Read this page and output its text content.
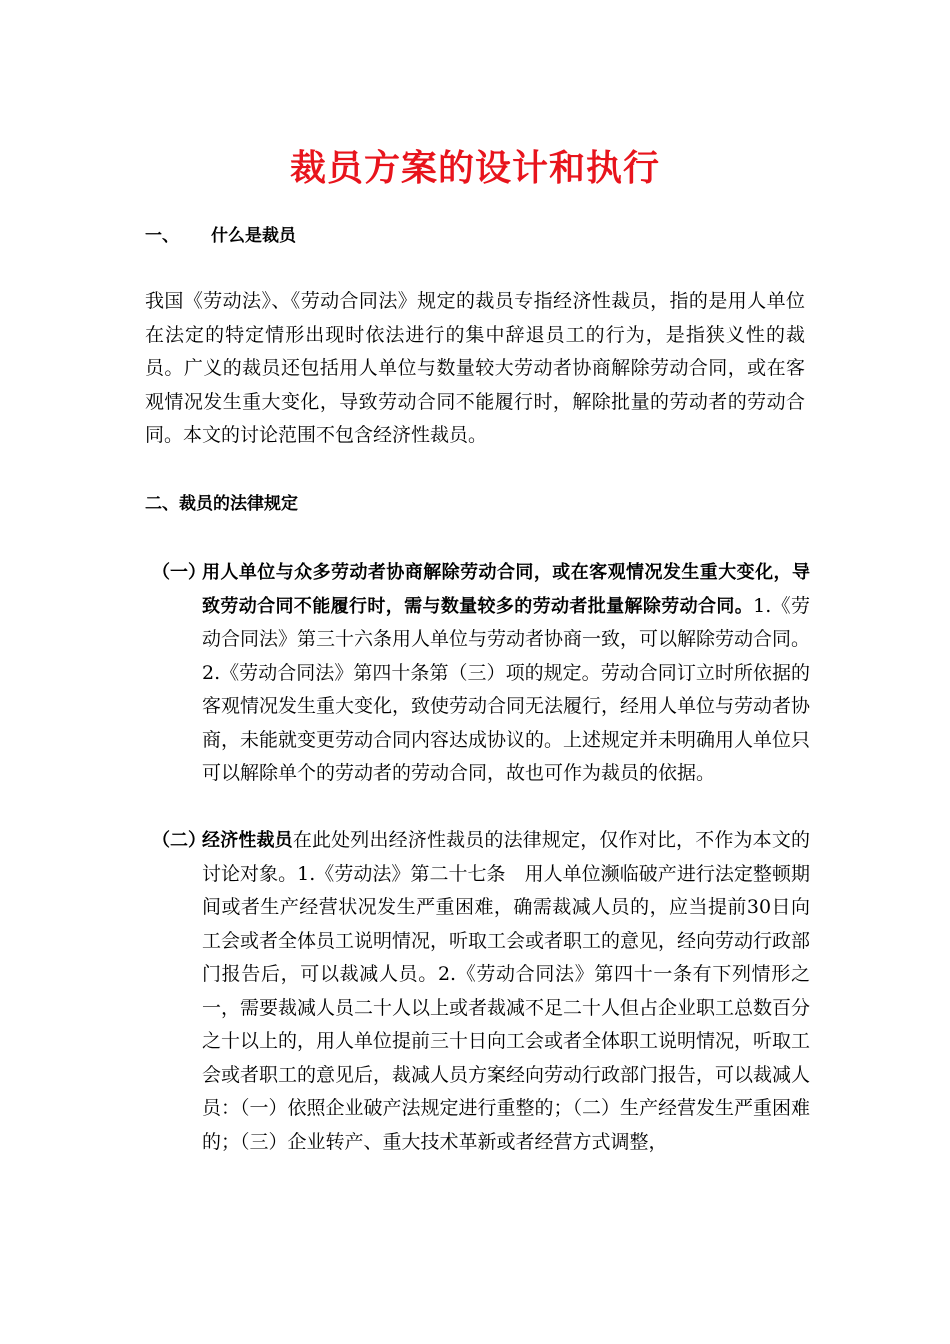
裁员方案的设计和执行
一、 什么是裁员

我国《劳动法》、《劳动合同法》规定的裁员专指经济性裁员，指的是用人单位在法定的特定情形出现时依法进行的集中辞退员工的行为，是指狭义性的裁员。广义的裁员还包括用人单位与数量较大劳动者协商解除劳动合同，或在客观情况发生重大变化，导致劳动合同不能履行时，解除批量的劳动者的劳动合同。本文的讨论范围不包含经济性裁员。

二、裁员的法律规定
（一）
用人单位与众多劳动者协商解除劳动合同，或在客观情况发生重大变化，导致劳动合同不能履行时，需与数量较多的劳动者批量解除劳动合同。1.《劳动合同法》第三十六条用人单位与劳动者协商一致，可以解除劳动合同。2.《劳动合同法》第四十条第（三）项的规定。劳动合同订立时所依据的客观情况发生重大变化，致使劳动合同无法履行，经用人单位与劳动者协商，未能就变更劳动合同内容达成协议的。上述规定并未明确用人单位只可以解除单个的劳动者的劳动合同，故也可作为裁员的依据。
（二）
经济性裁员在此处列出经济性裁员的法律规定，仅作对比，不作为本文的讨论对象。1.《劳动法》第二十七条　用人单位濒临破产进行法定整顿期间或者生产经营状况发生严重困难，确需裁减人员的，应当提前30日向工会或者全体员工说明情况，听取工会或者职工的意见，经向劳动行政部门报告后，可以裁减人员。2.《劳动合同法》第四十一条有下列情形之一，需要裁减人员二十人以上或者裁减不足二十人但占企业职工总数百分之十以上的，用人单位提前三十日向工会或者全体职工说明情况，听取工会或者职工的意见后，裁减人员方案经向劳动行政部门报告，可以裁减人员：（一）依照企业破产法规定进行重整的；（二）生产经营发生严重困难的；（三）企业转产、重大技术革新或者经营方式调整，
